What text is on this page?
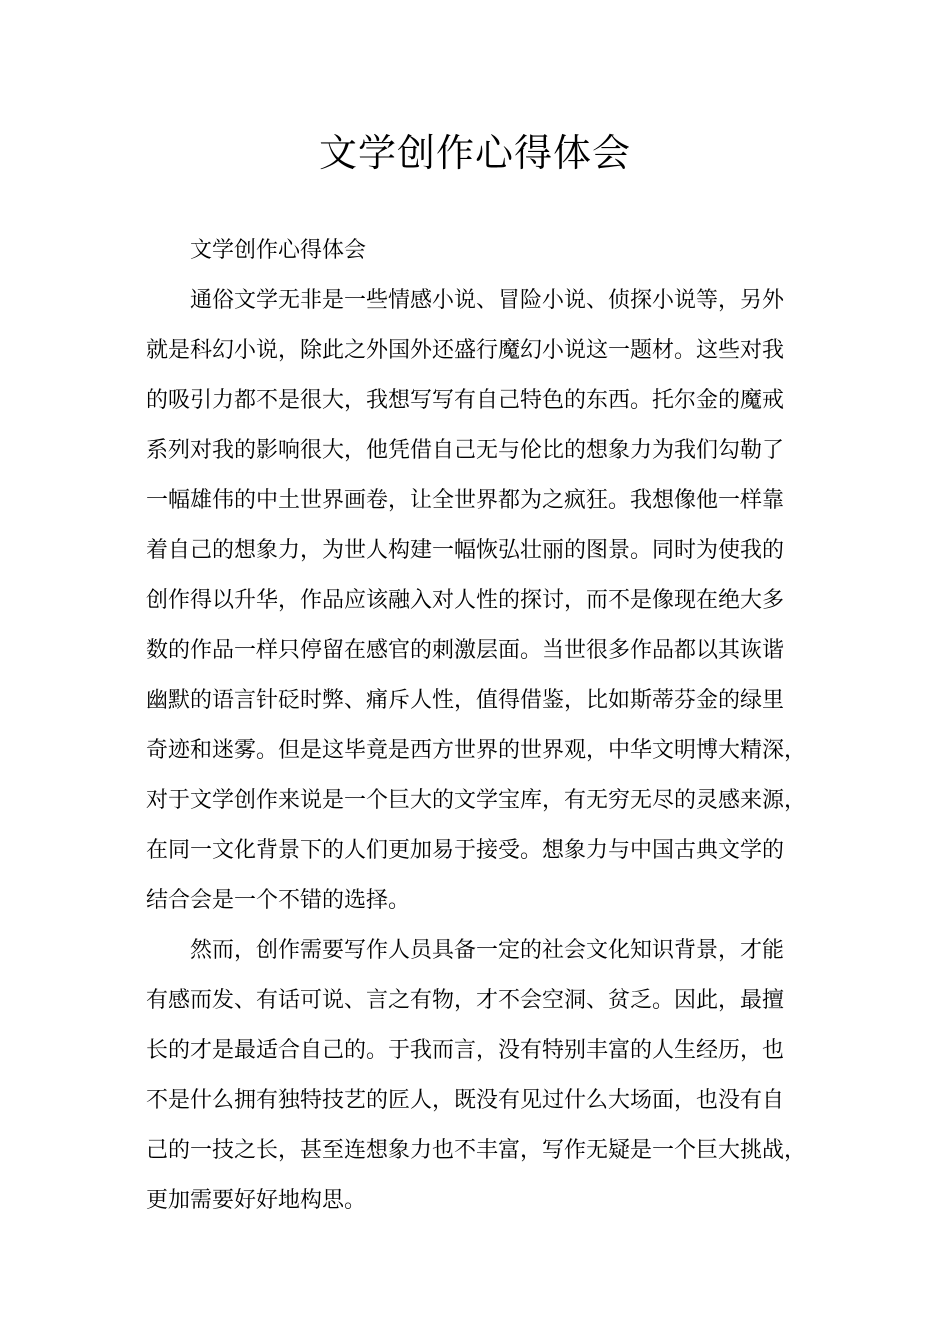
文学创作心得体会
文学创作心得体会
通俗文学无非是一些情感小说、冒险小说、侦探小说等，另外
就是科幻小说，除此之外国外还盛行魔幻小说这一题材。这些对我
的吸引力都不是很大，我想写写有自己特色的东西。托尔金的魔戒
系列对我的影响很大，他凭借自己无与伦比的想象力为我们勾勒了
一幅雄伟的中土世界画卷，让全世界都为之疯狂。我想像他一样靠
着自己的想象力，为世人构建一幅恢弘壮丽的图景。同时为使我的
创作得以升华，作品应该融入对人性的探讨，而不是像现在绝大多
数的作品一样只停留在感官的刺激层面。当世很多作品都以其诙谐
幽默的语言针砭时弊、痛斥人性，值得借鉴，比如斯蒂芬金的绿里
奇迹和迷雾。但是这毕竟是西方世界的世界观，中华文明博大精深，
对于文学创作来说是一个巨大的文学宝库，有无穷无尽的灵感来源，
在同一文化背景下的人们更加易于接受。想象力与中国古典文学的
结合会是一个不错的选择。
然而，创作需要写作人员具备一定的社会文化知识背景，才能
有感而发、有话可说、言之有物，才不会空洞、贫乏。因此，最擅
长的才是最适合自己的。于我而言，没有特别丰富的人生经历，也
不是什么拥有独特技艺的匠人，既没有见过什么大场面，也没有自
己的一技之长，甚至连想象力也不丰富，写作无疑是一个巨大挑战，
更加需要好好地构思。
